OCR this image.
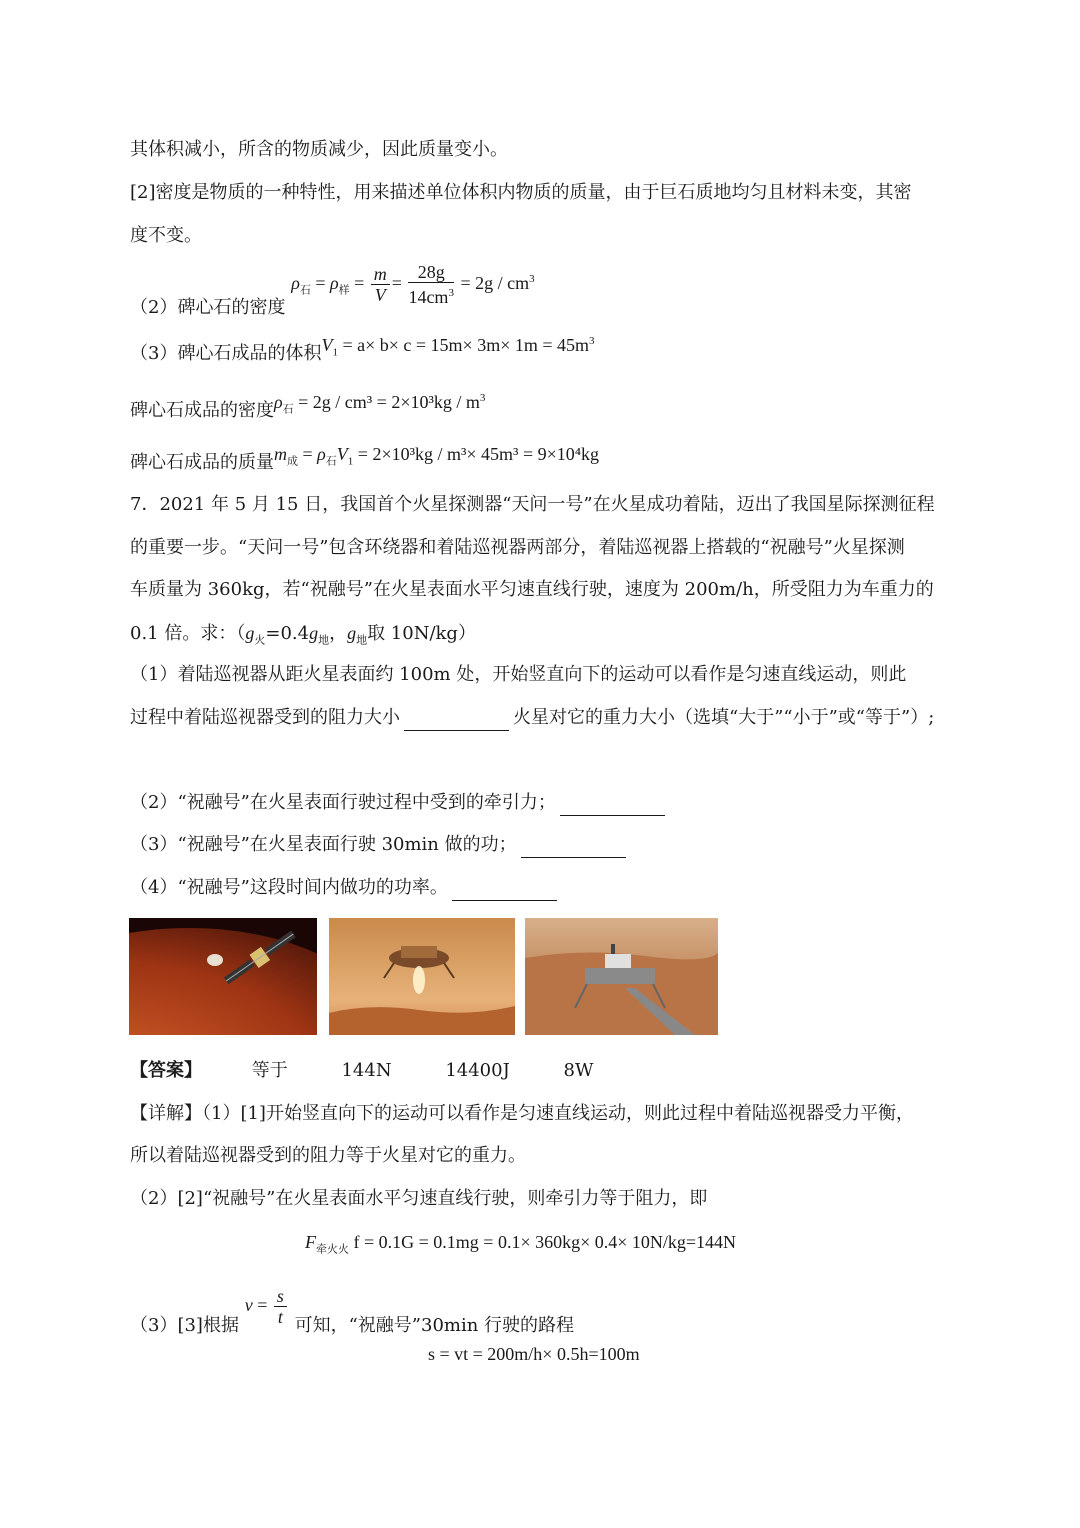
其体积减小，所含的物质减少，因此质量变小。
[2]密度是物质的一种特性，用来描述单位体积内物质的质量，由于巨石质地均匀且材料未变，其密
度不变。
（2）碑心石的密度 $\rho_石 = \rho_样 = \frac{m}{V} = \frac{28g}{14cm^3} = 2g / cm^3$
（3）碑心石成品的体积$V_1 = a\times b\times c = 15m\times 3m\times 1m = 45m^3$
碑心石成品的密度$\rho_石 = 2g / cm^3 = 2\times 10^3kg / m^3$
碑心石成品的质量$m_成 = \rho_石V_1 = 2\times 10^3kg / m^3\times 45m^3 = 9\times 10^4kg$
7．2021 年 5 月 15 日，我国首个火星探测器“天问一号”在火星成功着陆，迈出了我国星际探测征程
的重要一步。“天问一号”包含环绕器和着陆巡视器两部分，着陆巡视器上搭载的“祝融号”火星探测
车质量为 360kg，若“祝融号”在火星表面水平匀速直线行驶，速度为 200m/h，所受阻力为车重力的
0.1 倍。求：（$g_火=0.4g_地$，$g_地$取 10N/kg）
（1）着陆巡视器从距火星表面约 100m 处，开始竖直向下的运动可以看作是匀速直线运动，则此
过程中着陆巡视器受到的阻力大小	火星对它的重力大小（选填“大于”“小于”或“等于”）;
（2）“祝融号”在火星表面行驶过程中受到的牵引力；
（3）“祝融号”在火星表面行驶 30min 做的功；
（4）“祝融号”这段时间内做功的功率。
【答案】	等于	144N	14400J	8W
【详解】（1）[1]开始竖直向下的运动可以看作是匀速直线运动，则此过程中着陆巡视器受力平衡，
所以着陆巡视器受到的阻力等于火星对它的重力。
（2）[2]“祝融号”在火星表面水平匀速直线行驶，则牵引力等于阻力，即
$F_{牵火火}$ f = 0.1G = 0.1mg = 0.1× 360kg× 0.4× 10N/kg=144N
（3）[3]根据 $v = \frac{s}{t}$ 可知，“祝融号”30min 行驶的路程
s = vt = 200m/h× 0.5h=100m
